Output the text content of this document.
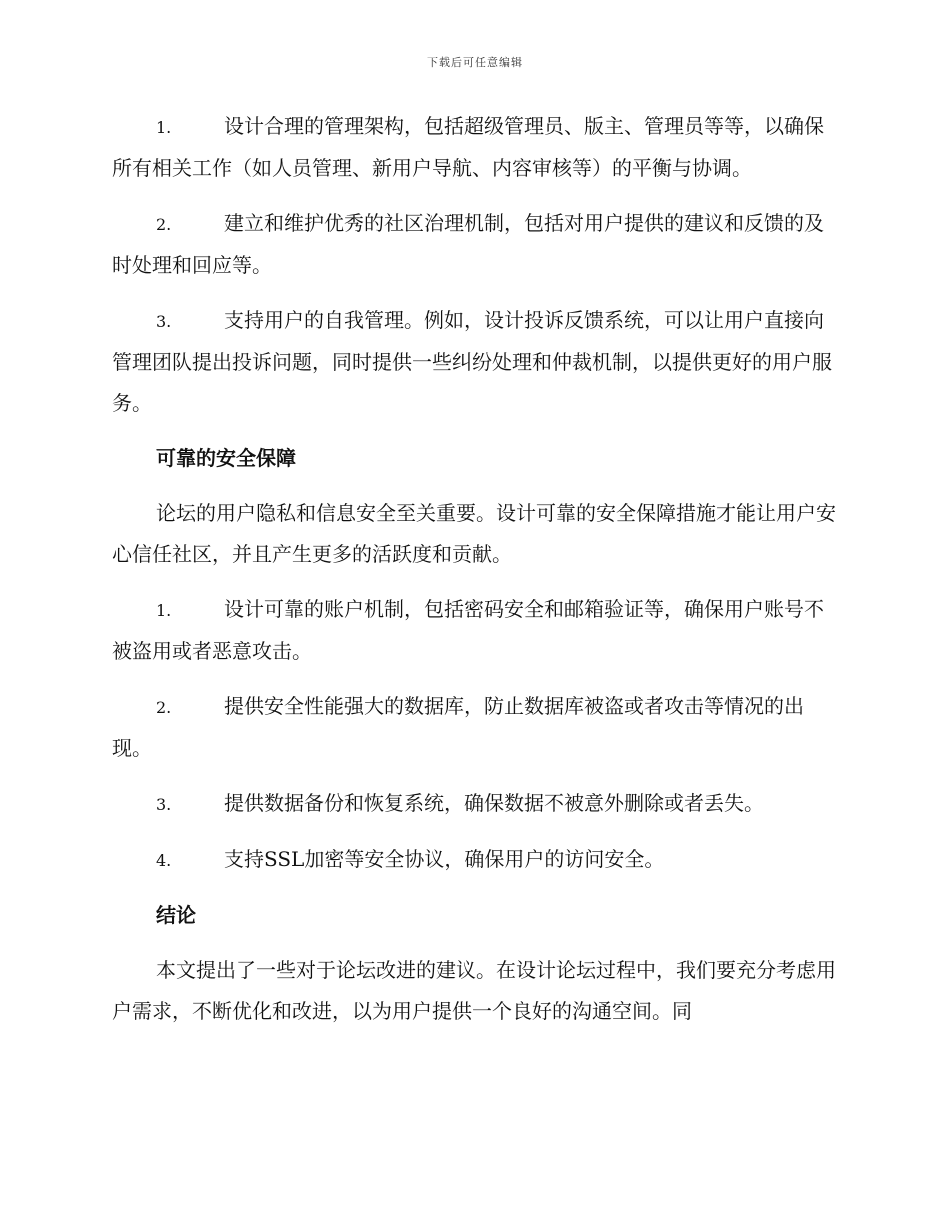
下载后可任意编辑

1.	设计合理的管理架构，包括超级管理员、版主、管理员等等，以确保所有相关工作（如人员管理、新用户导航、内容审核等）的平衡与协调。

2.	建立和维护优秀的社区治理机制，包括对用户提供的建议和反馈的及时处理和回应等。

3.	支持用户的自我管理。例如，设计投诉反馈系统，可以让用户直接向管理团队提出投诉问题，同时提供一些纠纷处理和仲裁机制，以提供更好的用户服务。

可靠的安全保障

论坛的用户隐私和信息安全至关重要。设计可靠的安全保障措施才能让用户安心信任社区，并且产生更多的活跃度和贡献。

1.	设计可靠的账户机制，包括密码安全和邮箱验证等，确保用户账号不被盗用或者恶意攻击。

2.	提供安全性能强大的数据库，防止数据库被盗或者攻击等情况的出现。

3.	提供数据备份和恢复系统，确保数据不被意外删除或者丢失。

4.	支持SSL加密等安全协议，确保用户的访问安全。

结论

本文提出了一些对于论坛改进的建议。在设计论坛过程中，我们要充分考虑用户需求，不断优化和改进，以为用户提供一个良好的沟通空间。同
